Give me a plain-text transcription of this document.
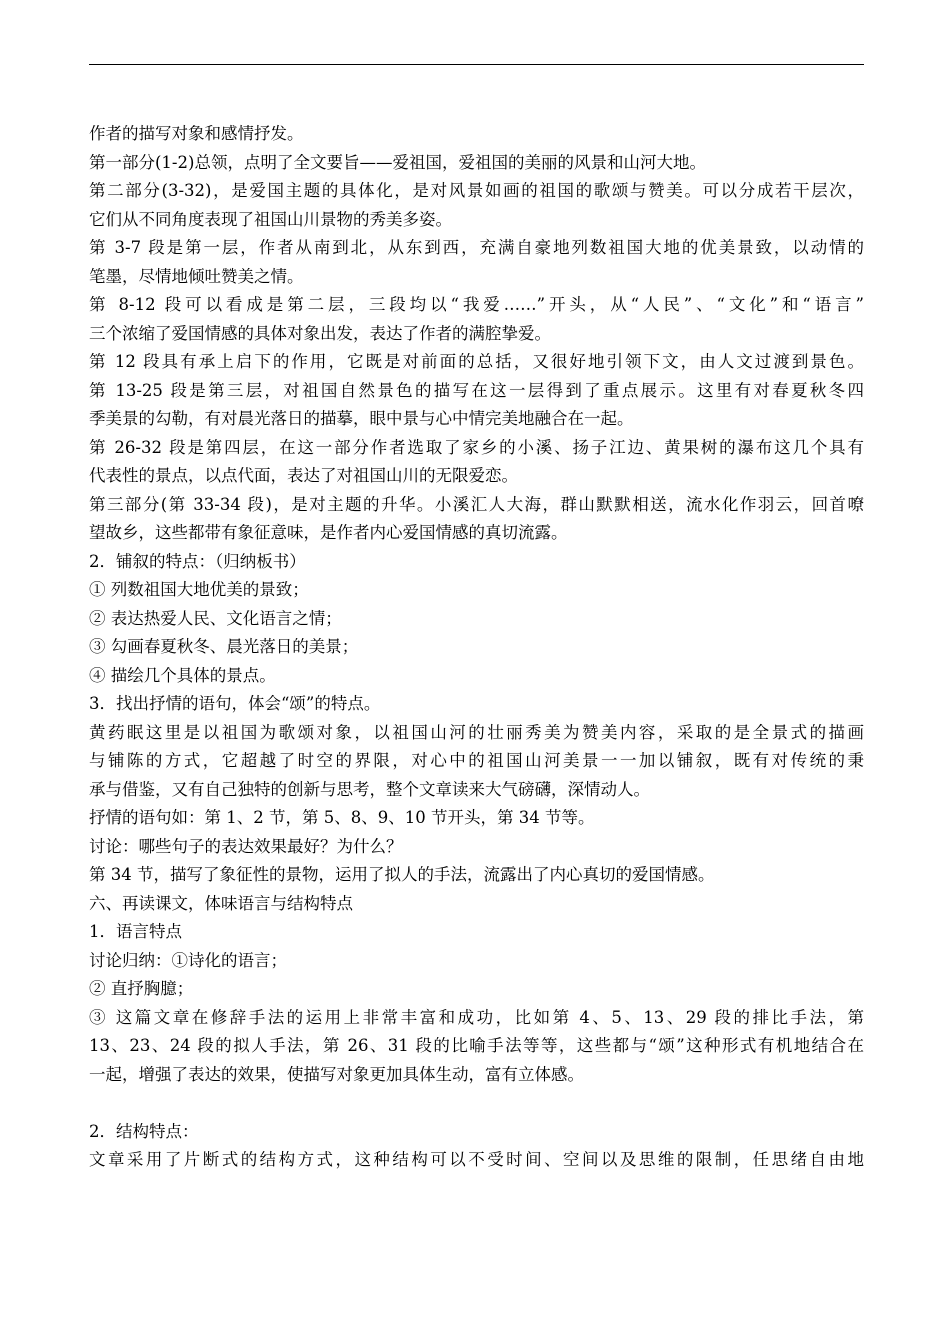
作者的描写对象和感情抒发。
第一部分(1-2)总领，点明了全文要旨——爱祖国，爱祖国的美丽的风景和山河大地。
第二部分(3-32)，是爱国主题的具体化，是对风景如画的祖国的歌颂与赞美。可以分成若干层次，
它们从不同角度表现了祖国山川景物的秀美多姿。
第 3-7 段是第一层，作者从南到北，从东到西，充满自豪地列数祖国大地的优美景致，以动情的
笔墨，尽情地倾吐赞美之情。
第 8-12 段可以看成是第二层，三段均以“我爱……”开头，从“人民”、“文化”和“语言”
三个浓缩了爱国情感的具体对象出发，表达了作者的满腔挚爱。
第 12 段具有承上启下的作用，它既是对前面的总括，又很好地引领下文，由人文过渡到景色。
第 13-25 段是第三层，对祖国自然景色的描写在这一层得到了重点展示。这里有对春夏秋冬四
季美景的勾勒，有对晨光落日的描摹，眼中景与心中情完美地融合在一起。
第 26-32 段是第四层，在这一部分作者选取了家乡的小溪、扬子江边、黄果树的瀑布这几个具有
代表性的景点，以点代面，表达了对祖国山川的无限爱恋。
第三部分(第 33-34 段)，是对主题的升华。小溪汇人大海，群山默默相送，流水化作羽云，回首嘹
望故乡，这些都带有象征意味，是作者内心爱国情感的真切流露。
2．铺叙的特点：（归纳板书）
① 列数祖国大地优美的景致；
② 表达热爱人民、文化语言之情；
③ 勾画春夏秋冬、晨光落日的美景；
④ 描绘几个具体的景点。
3．找出抒情的语句，体会“颂”的特点。
黄药眠这里是以祖国为歌颂对象，以祖国山河的壮丽秀美为赞美内容，采取的是全景式的描画
与铺陈的方式，它超越了时空的界限，对心中的祖国山河美景一一加以铺叙，既有对传统的秉
承与借鉴，又有自己独特的创新与思考，整个文章读来大气磅礴，深情动人。
抒情的语句如：第 1、2 节，第 5、8、9、10 节开头，第 34 节等。
讨论：哪些句子的表达效果最好？为什么？
第 34 节，描写了象征性的景物，运用了拟人的手法，流露出了内心真切的爱国情感。
六、再读课文，体味语言与结构特点
1．语言特点
讨论归纳：①诗化的语言；
② 直抒胸臆；
③ 这篇文章在修辞手法的运用上非常丰富和成功，比如第 4、5、13、29 段的排比手法，第
13、23、24 段的拟人手法，第 26、31 段的比喻手法等等，这些都与“颂”这种形式有机地结合在
一起，增强了表达的效果，使描写对象更加具体生动，富有立体感。
2．结构特点：
文章采用了片断式的结构方式，这种结构可以不受时间、空间以及思维的限制，任思绪自由地
